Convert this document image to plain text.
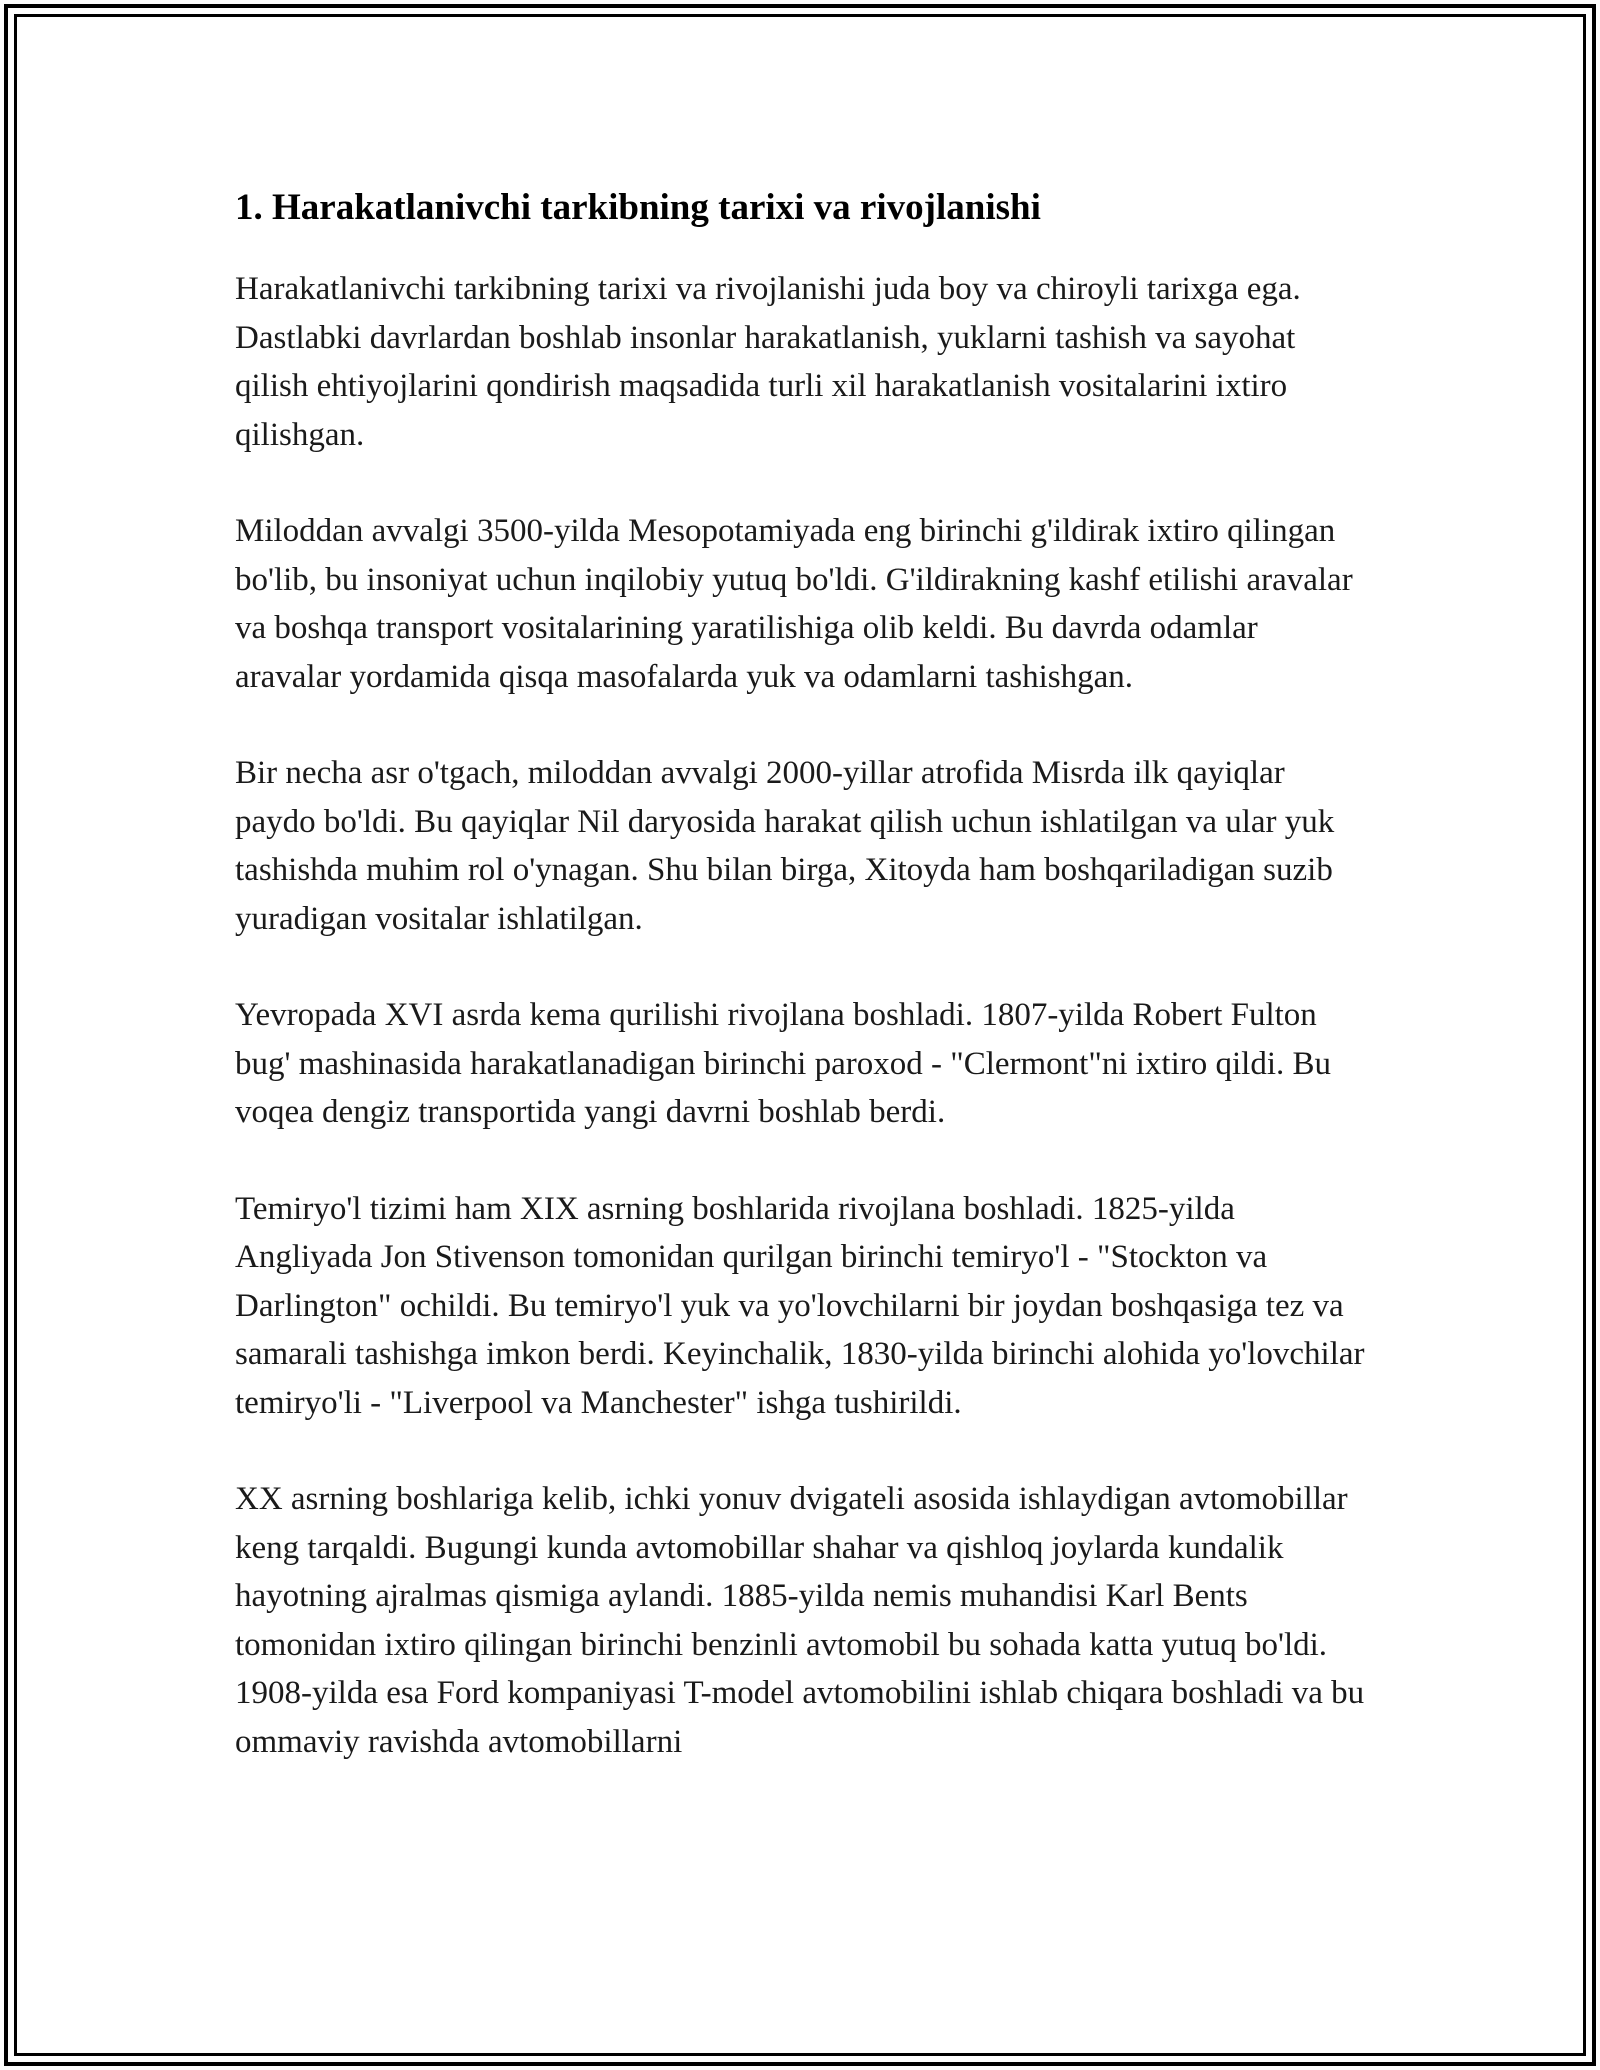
1. Harakatlanivchi tarkibning tarixi va rivojlanishi

Harakatlanivchi tarkibning tarixi va rivojlanishi juda boy va chiroyli tarixga ega. Dastlabki davrlardan boshlab insonlar harakatlanish, yuklarni tashish va sayohat qilish ehtiyojlarini qondirish maqsadida turli xil harakatlanish vositalarini ixtiro qilishgan.

Miloddan avvalgi 3500-yilda Mesopotamiyada eng birinchi g'ildirak ixtiro qilingan bo'lib, bu insoniyat uchun inqilobiy yutuq bo'ldi. G'ildirakning kashf etilishi aravalar va boshqa transport vositalarining yaratilishiga olib keldi. Bu davrda odamlar aravalar yordamida qisqa masofalarda yuk va odamlarni tashishgan.

Bir necha asr o'tgach, miloddan avvalgi 2000-yillar atrofida Misrda ilk qayiqlar paydo bo'ldi. Bu qayiqlar Nil daryosida harakat qilish uchun ishlatilgan va ular yuk tashishda muhim rol o'ynagan. Shu bilan birga, Xitoyda ham boshqariladigan suzib yuradigan vositalar ishlatilgan.

Yevropada XVI asrda kema qurilishi rivojlana boshladi. 1807-yilda Robert Fulton bug' mashinasida harakatlanadigan birinchi paroxod - "Clermont"ni ixtiro qildi. Bu voqea dengiz transportida yangi davrni boshlab berdi.

Temiryo'l tizimi ham XIX asrning boshlarida rivojlana boshladi. 1825-yilda Angliyada Jon Stivenson tomonidan qurilgan birinchi temiryo'l - "Stockton va Darlington" ochildi. Bu temiryo'l yuk va yo'lovchilarni bir joydan boshqasiga tez va samarali tashishga imkon berdi. Keyinchalik, 1830-yilda birinchi alohida yo'lovchilar temiryo'li - "Liverpool va Manchester" ishga tushirildi.

XX asrning boshlariga kelib, ichki yonuv dvigateli asosida ishlaydigan avtomobillar keng tarqaldi. Bugungi kunda avtomobillar shahar va qishloq joylarda kundalik hayotning ajralmas qismiga aylandi. 1885-yilda nemis muhandisi Karl Bents tomonidan ixtiro qilingan birinchi benzinli avtomobil bu sohada katta yutuq bo'ldi. 1908-yilda esa Ford kompaniyasi T-model avtomobilini ishlab chiqara boshladi va bu ommaviy ravishda avtomobillarni
